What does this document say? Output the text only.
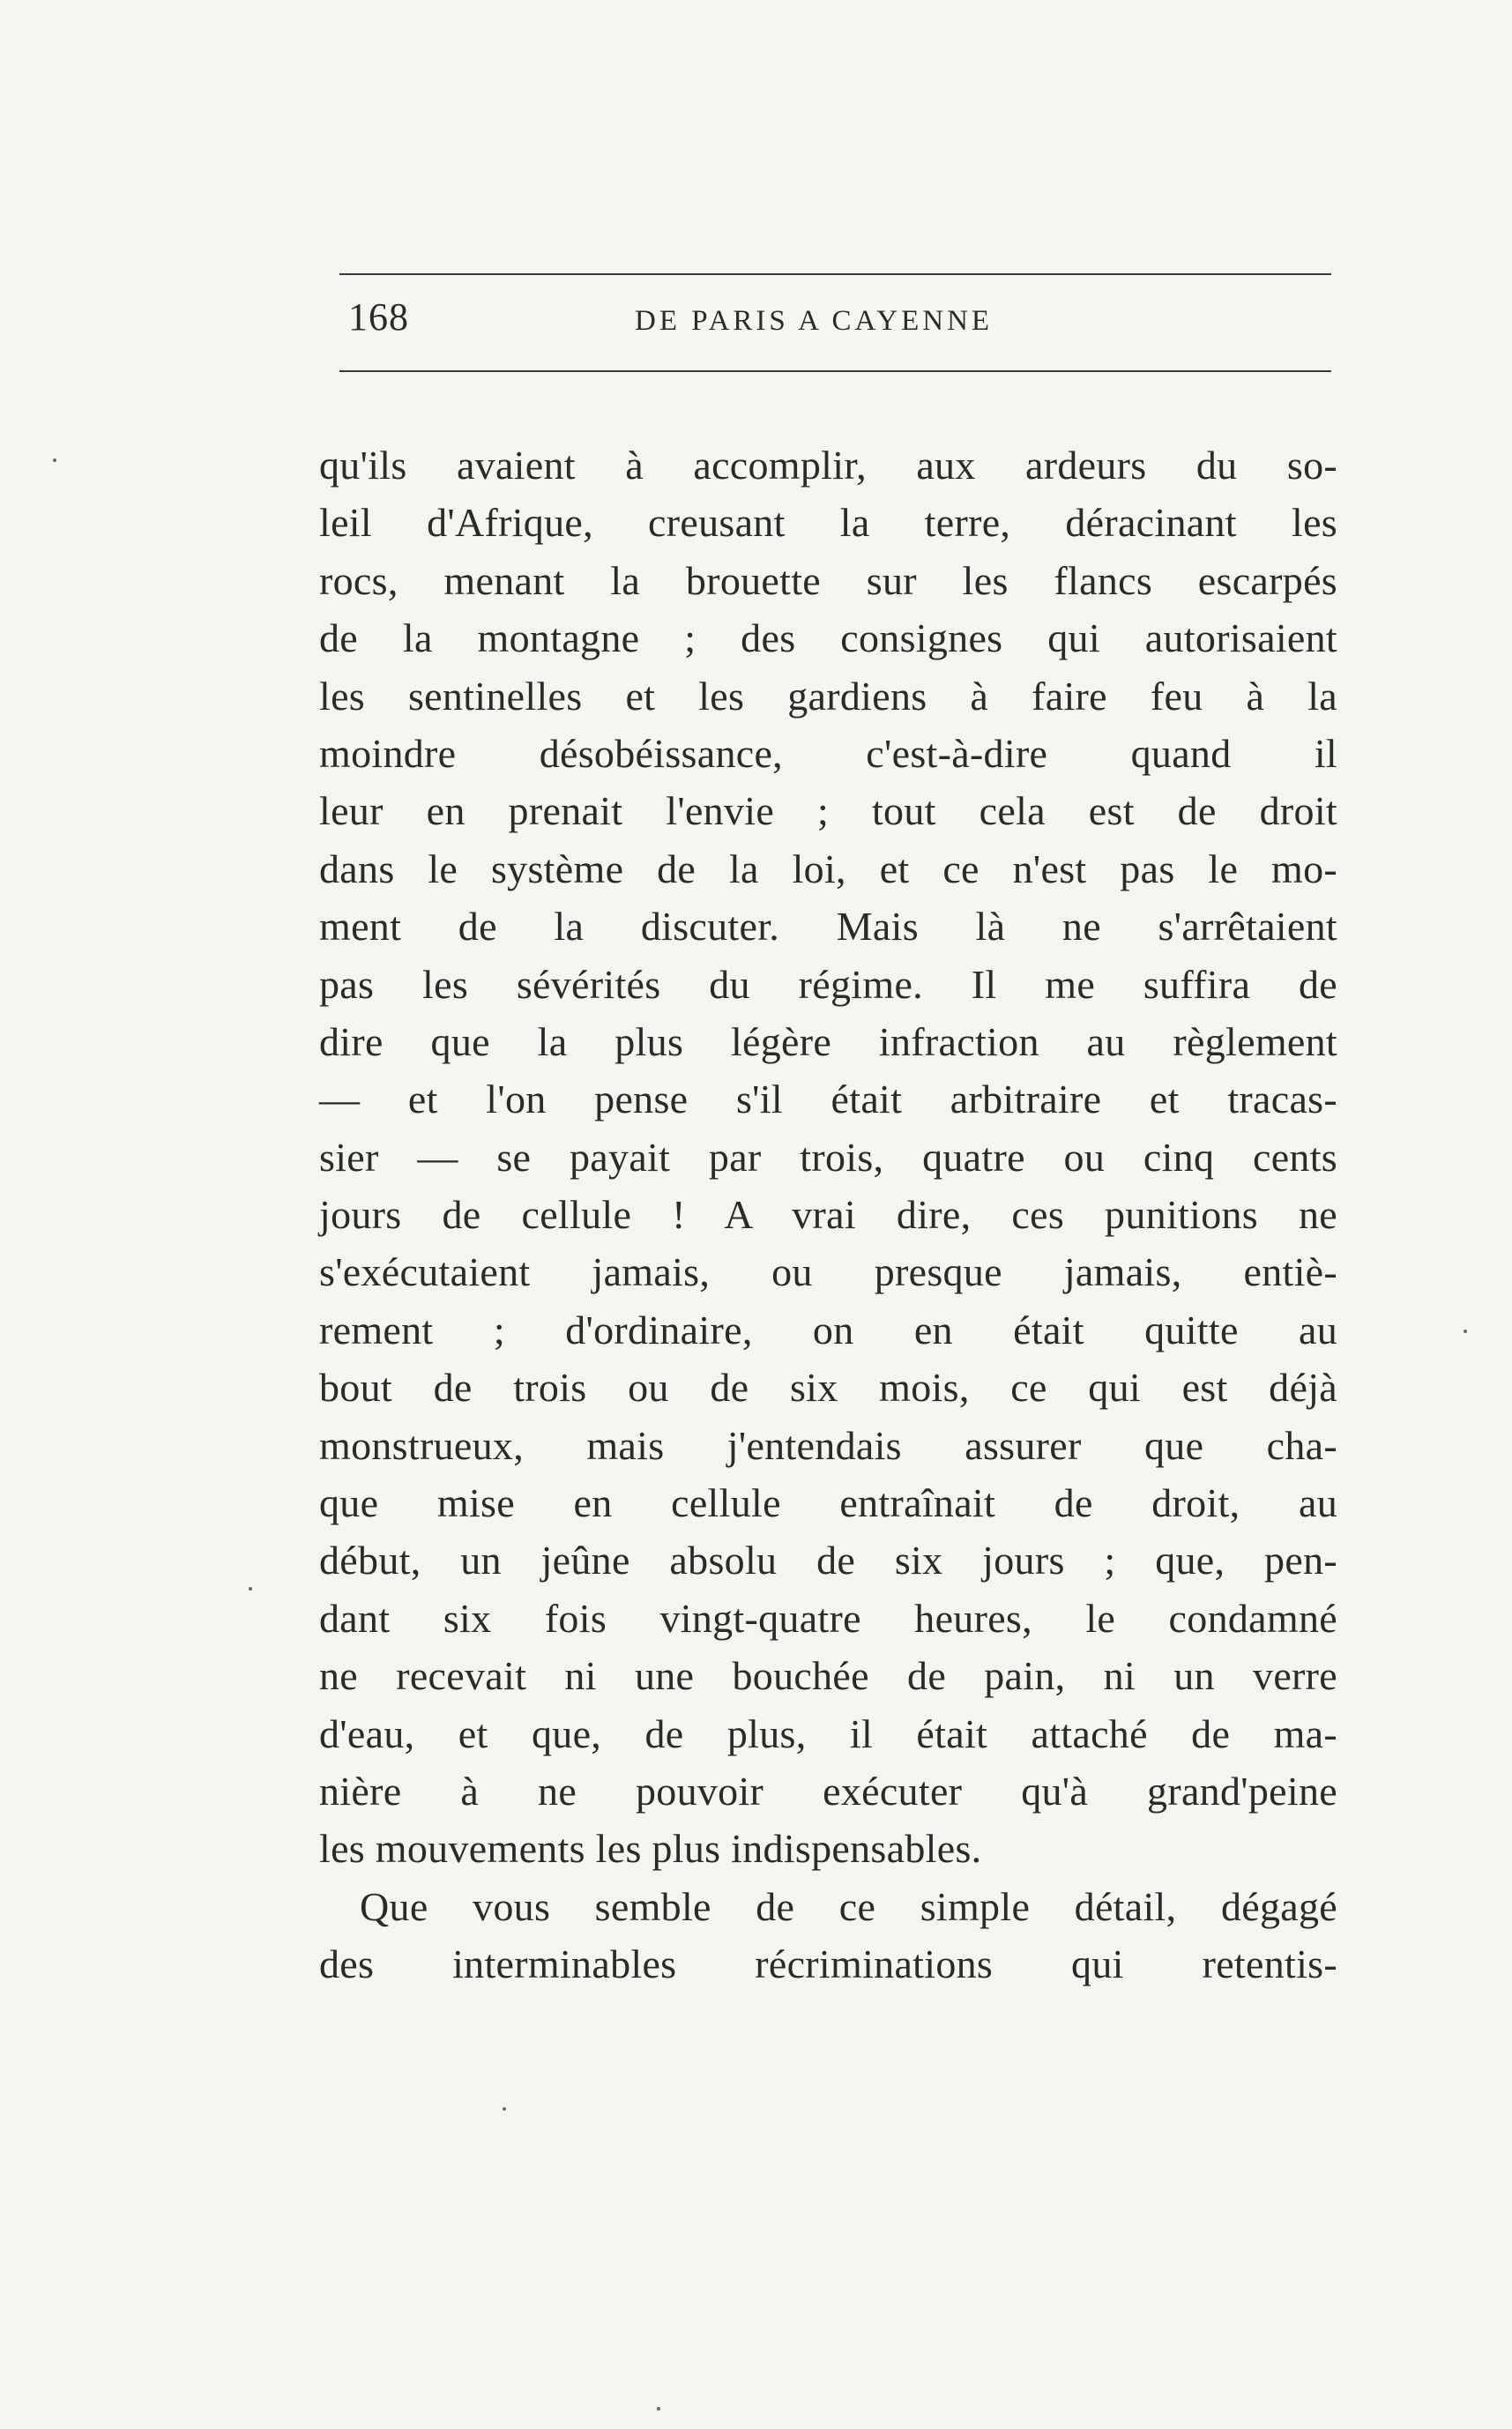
168	DE PARIS A CAYENNE
qu'ils avaient à accomplir, aux ardeurs du so-
leil d'Afrique, creusant la terre, déracinant les
rocs, menant la brouette sur les flancs escarpés
de la montagne ; des consignes qui autorisaient
les sentinelles et les gardiens à faire feu à la
moindre désobéissance, c'est-à-dire quand il
leur en prenait l'envie ; tout cela est de droit
dans le système de la loi, et ce n'est pas le mo-
ment de la discuter. Mais là ne s'arrêtaient
pas les sévérités du régime. Il me suffira de
dire que la plus légère infraction au règlement
— et l'on pense s'il était arbitraire et tracas-
sier — se payait par trois, quatre ou cinq cents
jours de cellule ! A vrai dire, ces punitions ne
s'exécutaient jamais, ou presque jamais, entiè-
rement ; d'ordinaire, on en était quitte au
bout de trois ou de six mois, ce qui est déjà
monstrueux, mais j'entendais assurer que cha-
que mise en cellule entraînait de droit, au
début, un jeûne absolu de six jours ; que, pen-
dant six fois vingt-quatre heures, le condamné
ne recevait ni une bouchée de pain, ni un verre
d'eau, et que, de plus, il était attaché de ma-
nière à ne pouvoir exécuter qu'à grand'peine
les mouvements les plus indispensables.
Que vous semble de ce simple détail, dégagé
des interminables récriminations qui retentis-
